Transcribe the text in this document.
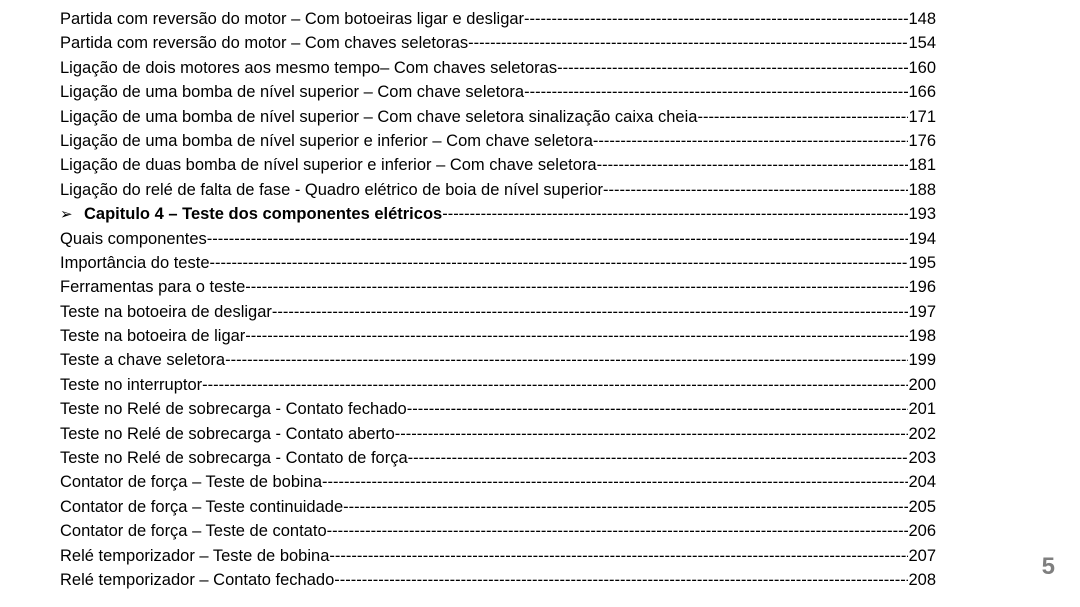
Partida com reversão do motor – Com botoeiras ligar e desligar -----	148
Partida com reversão do motor – Com chaves seletoras -----	154
Ligação de dois motores aos mesmo tempo– Com chaves seletoras -----	160
Ligação de uma bomba de nível superior – Com chave seletora -----	166
Ligação de uma bomba de nível superior – Com chave seletora sinalização caixa cheia -----	171
Ligação de uma bomba de nível superior e inferior – Com chave seletora -----	176
Ligação de duas bomba de nível superior e inferior – Com chave seletora -----	181
Ligação do relé de falta de fase - Quadro elétrico de boia de nível superior -----	188
➢ Capitulo 4 – Teste dos componentes elétricos -----	193
Quais componentes -----	194
Importância do teste -----	195
Ferramentas para o teste -----	196
Teste na botoeira de desligar -----	197
Teste na botoeira de ligar -----	198
Teste a chave seletora -----	199
Teste no interruptor -----	200
Teste no Relé de sobrecarga - Contato fechado -----	201
Teste no Relé de sobrecarga - Contato aberto -----	202
Teste no Relé de sobrecarga - Contato de força -----	203
Contator de força – Teste de bobina -----	204
Contator de força – Teste continuidade -----	205
Contator de força – Teste de contato -----	206
Relé temporizador – Teste de bobina -----	207
Relé temporizador – Contato fechado -----	208	5
